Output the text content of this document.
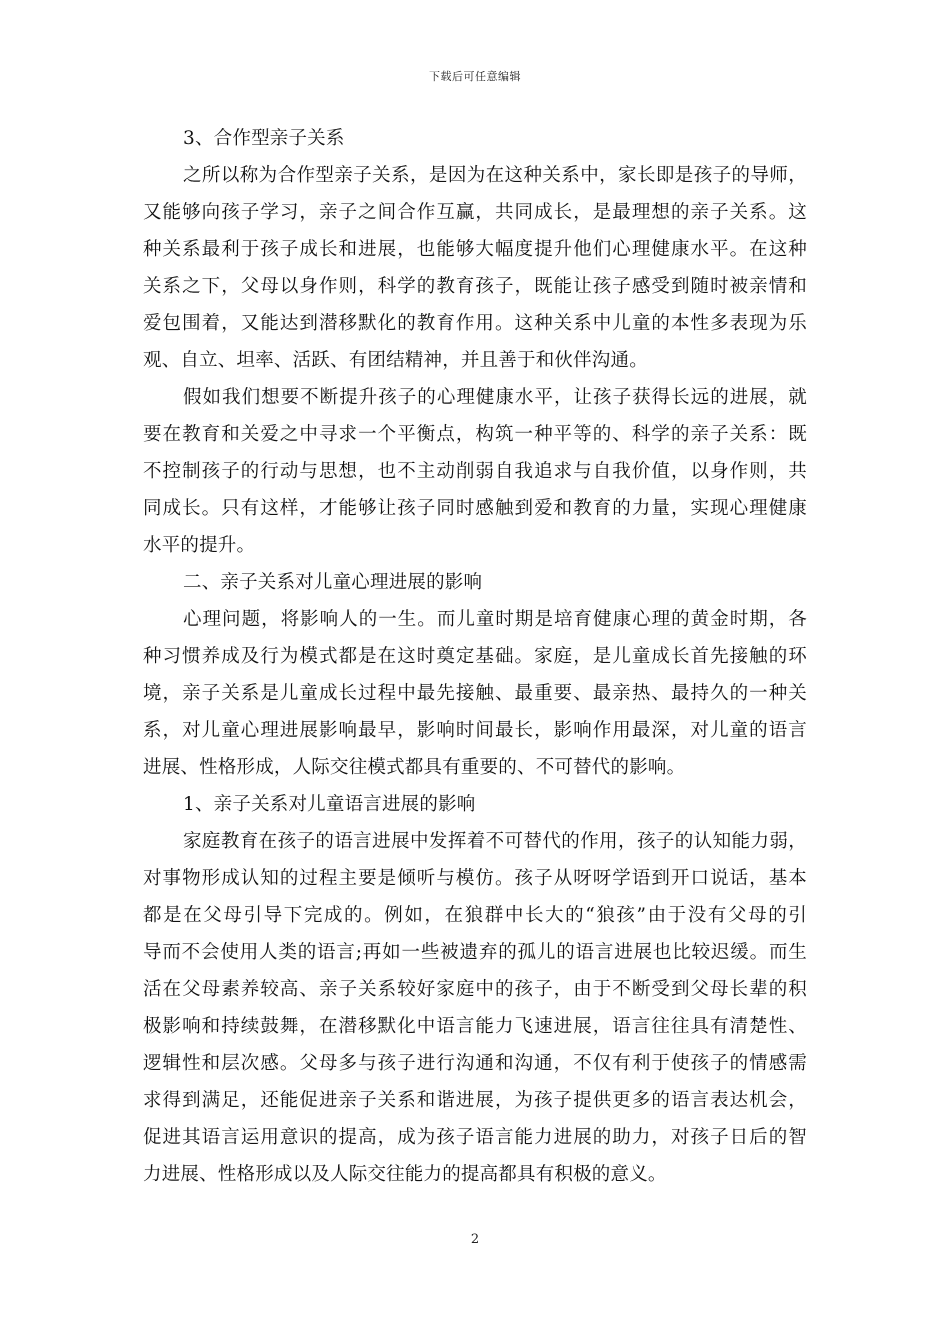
下载后可任意编辑
3、合作型亲子关系
之所以称为合作型亲子关系，是因为在这种关系中，家长即是孩子的导师，
又能够向孩子学习，亲子之间合作互赢，共同成长，是最理想的亲子关系。这
种关系最利于孩子成长和进展，也能够大幅度提升他们心理健康水平。在这种
关系之下，父母以身作则，科学的教育孩子，既能让孩子感受到随时被亲情和
爱包围着，又能达到潜移默化的教育作用。这种关系中儿童的本性多表现为乐
观、自立、坦率、活跃、有团结精神，并且善于和伙伴沟通。
假如我们想要不断提升孩子的心理健康水平，让孩子获得长远的进展，就
要在教育和关爱之中寻求一个平衡点，构筑一种平等的、科学的亲子关系：既
不控制孩子的行动与思想，也不主动削弱自我追求与自我价值，以身作则，共
同成长。只有这样，才能够让孩子同时感触到爱和教育的力量，实现心理健康
水平的提升。
二、亲子关系对儿童心理进展的影响
心理问题，将影响人的一生。而儿童时期是培育健康心理的黄金时期，各
种习惯养成及行为模式都是在这时奠定基础。家庭，是儿童成长首先接触的环
境，亲子关系是儿童成长过程中最先接触、最重要、最亲热、最持久的一种关
系，对儿童心理进展影响最早，影响时间最长，影响作用最深，对儿童的语言
进展、性格形成，人际交往模式都具有重要的、不可替代的影响。
1、亲子关系对儿童语言进展的影响
家庭教育在孩子的语言进展中发挥着不可替代的作用，孩子的认知能力弱，
对事物形成认知的过程主要是倾听与模仿。孩子从呀呀学语到开口说话，基本
都是在父母引导下完成的。例如，在狼群中长大的“狼孩”由于没有父母的引
导而不会使用人类的语言;再如一些被遗弃的孤儿的语言进展也比较迟缓。而生
活在父母素养较高、亲子关系较好家庭中的孩子，由于不断受到父母长辈的积
极影响和持续鼓舞，在潜移默化中语言能力飞速进展，语言往往具有清楚性、
逻辑性和层次感。父母多与孩子进行沟通和沟通，不仅有利于使孩子的情感需
求得到满足，还能促进亲子关系和谐进展，为孩子提供更多的语言表达机会，
促进其语言运用意识的提高，成为孩子语言能力进展的助力，对孩子日后的智
力进展、性格形成以及人际交往能力的提高都具有积极的意义。
2
